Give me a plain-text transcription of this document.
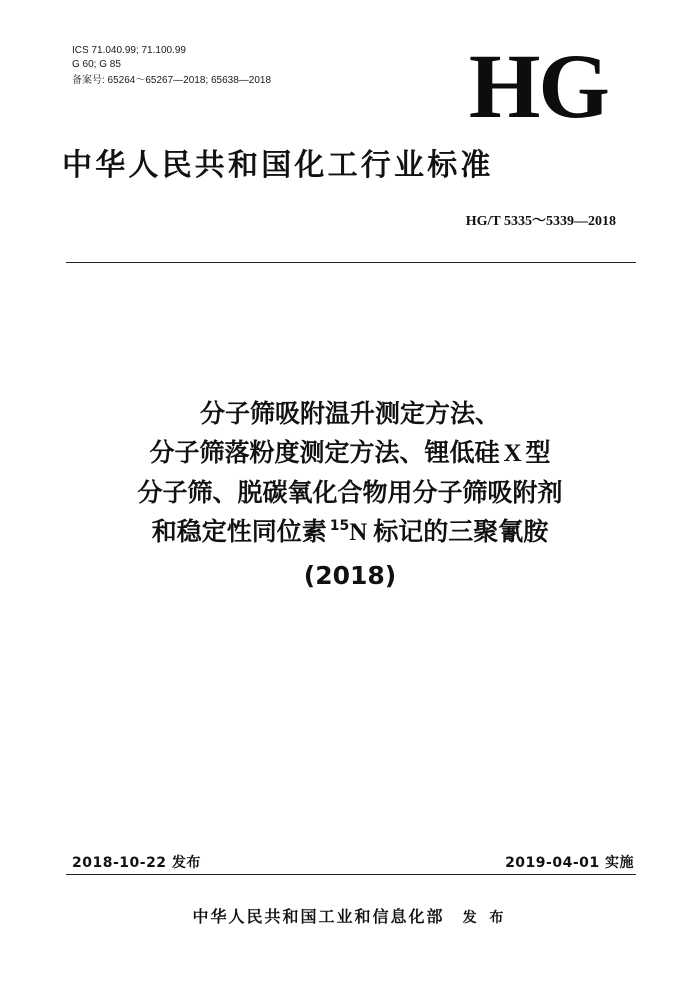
ICS 71.040.99; 71.100.99
G 60; G 85
备案号: 65264～65267—2018; 65638—2018 HG
中华人民共和国化工行业标准
HG/T 5335～5339—2018
分子筛吸附温升测定方法、
分子筛落粉度测定方法、锂低硅 X 型
分子筛、脱碳氧化合物用分子筛吸附剂
和稳定性同位素 $^{15}$N 标记的三聚氰胺
(2018)
2018-10-22 发布	2019-04-01 实施
中华人民共和国工业和信息化部 发 布
